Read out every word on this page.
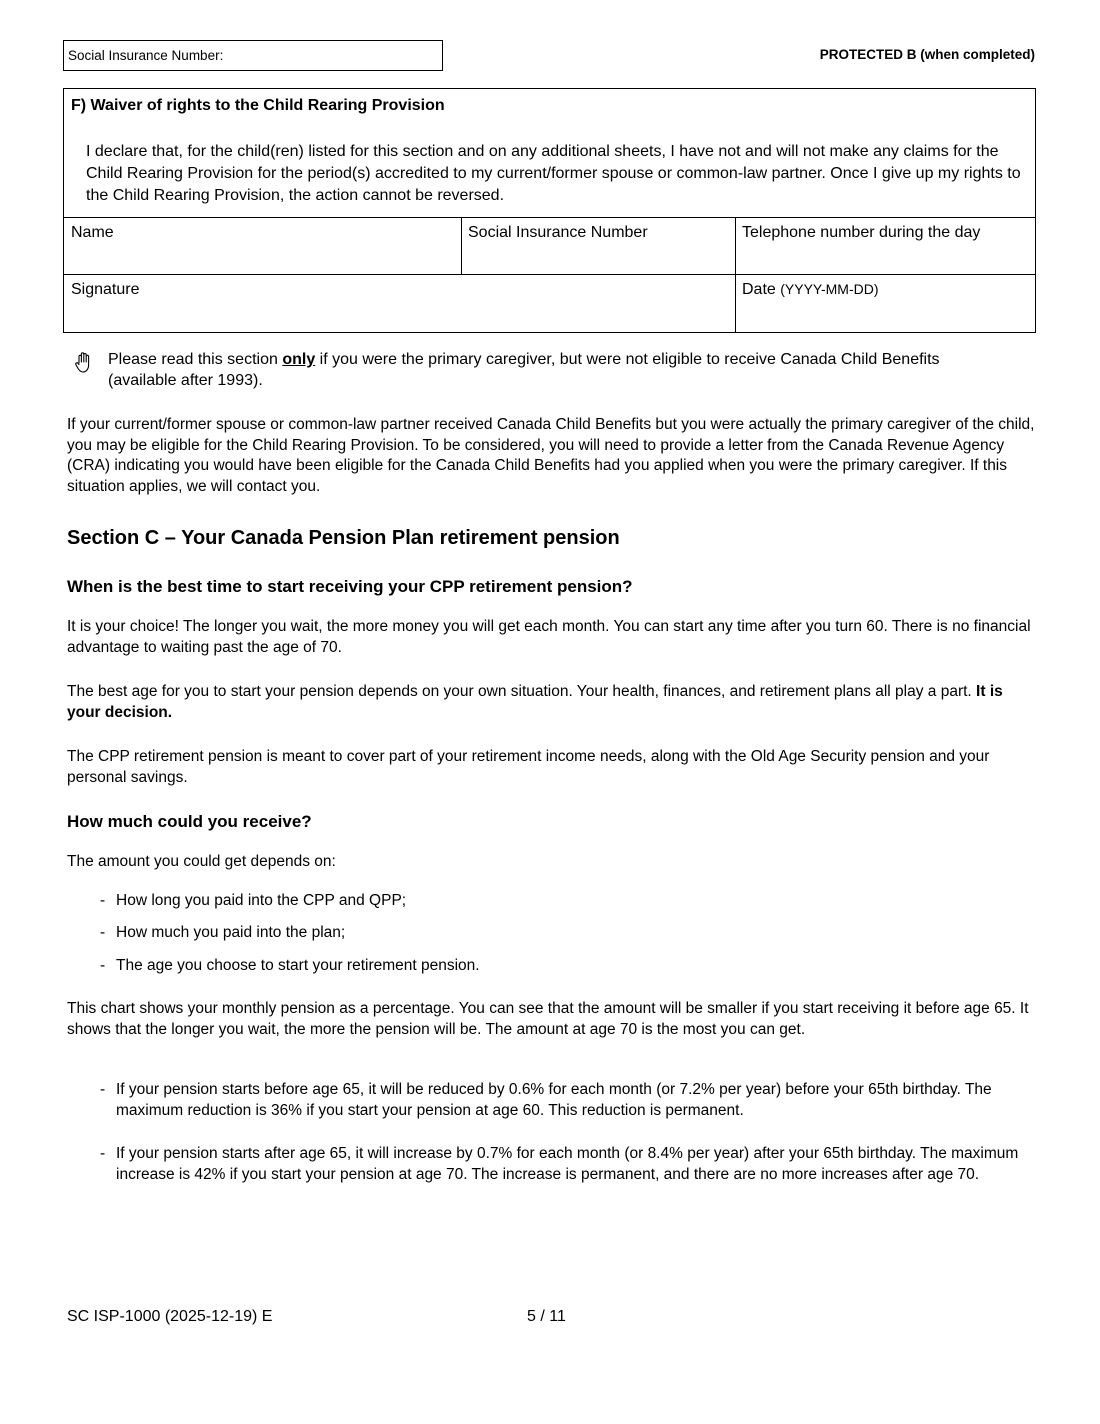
Social Insurance Number:	PROTECTED B (when completed)
F) Waiver of rights to the Child Rearing Provision
I declare that, for the child(ren) listed for this section and on any additional sheets, I have not and will not make any claims for the Child Rearing Provision for the period(s) accredited to my current/former spouse or common-law partner. Once I give up my rights to the Child Rearing Provision, the action cannot be reversed.
Name	Social Insurance Number	Telephone number during the day
Signature	Date (YYYY-MM-DD)
Please read this section only if you were the primary caregiver, but were not eligible to receive Canada Child Benefits (available after 1993).
If your current/former spouse or common-law partner received Canada Child Benefits but you were actually the primary caregiver of the child, you may be eligible for the Child Rearing Provision. To be considered, you will need to provide a letter from the Canada Revenue Agency (CRA) indicating you would have been eligible for the Canada Child Benefits had you applied when you were the primary caregiver. If this situation applies, we will contact you.
Section C – Your Canada Pension Plan retirement pension
When is the best time to start receiving your CPP retirement pension?
It is your choice! The longer you wait, the more money you will get each month. You can start any time after you turn 60. There is no financial advantage to waiting past the age of 70.
The best age for you to start your pension depends on your own situation. Your health, finances, and retirement plans all play a part. It is your decision.
The CPP retirement pension is meant to cover part of your retirement income needs, along with the Old Age Security pension and your personal savings.
How much could you receive?
The amount you could get depends on:
- How long you paid into the CPP and QPP;
- How much you paid into the plan;
- The age you choose to start your retirement pension.
This chart shows your monthly pension as a percentage. You can see that the amount will be smaller if you start receiving it before age 65. It shows that the longer you wait, the more the pension will be. The amount at age 70 is the most you can get.
- If your pension starts before age 65, it will be reduced by 0.6% for each month (or 7.2% per year) before your 65th birthday. The maximum reduction is 36% if you start your pension at age 60. This reduction is permanent.
- If your pension starts after age 65, it will increase by 0.7% for each month (or 8.4% per year) after your 65th birthday. The maximum increase is 42% if you start your pension at age 70. The increase is permanent, and there are no more increases after age 70.
SC ISP-1000 (2025-12-19) E	5 / 11
